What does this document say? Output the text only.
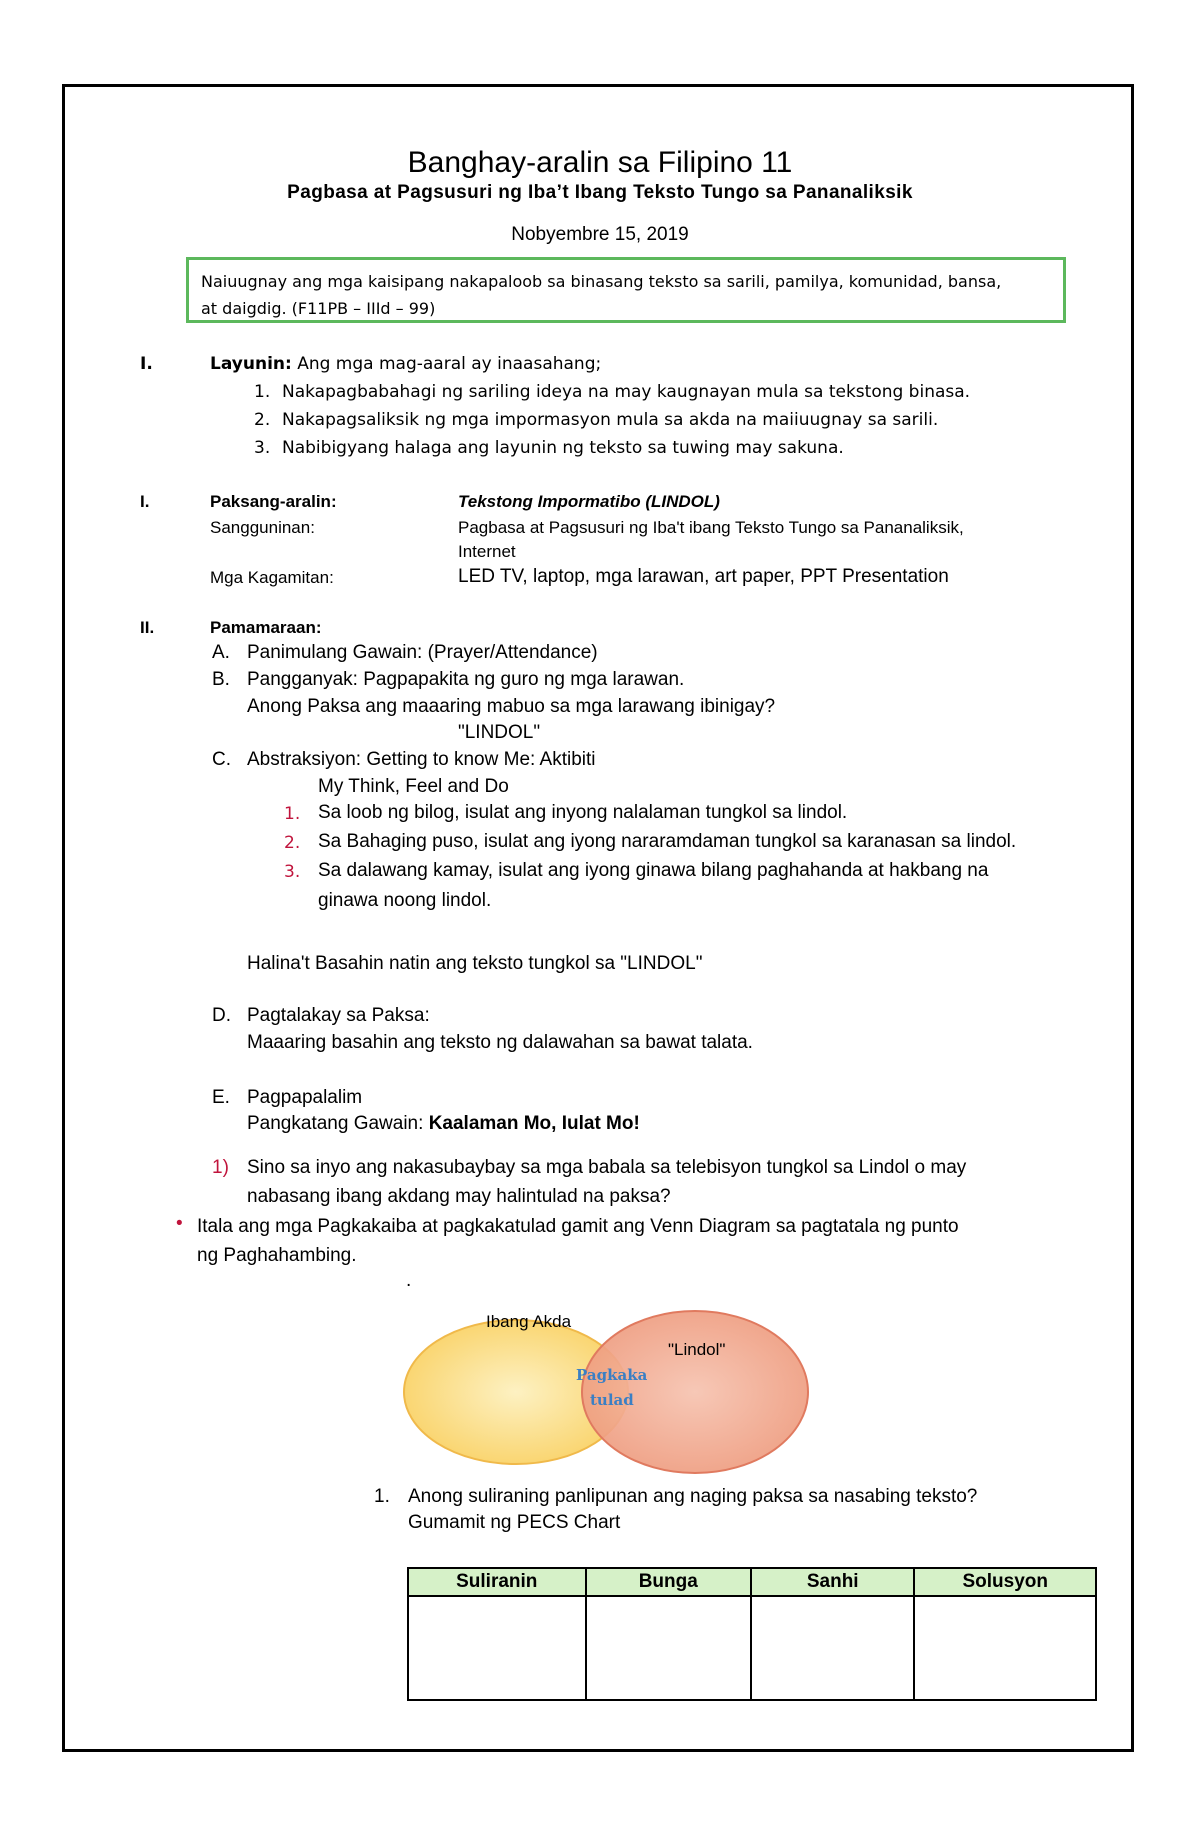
Banghay-aralin sa Filipino 11
Pagbasa at Pagsusuri ng Iba’t Ibang Teksto Tungo sa Pananaliksik
Nobyembre 15, 2019
Naiuugnay ang mga kaisipang nakapaloob sa binasang teksto sa sarili, pamilya, komunidad, bansa,
at daigdig. (F11PB – IIId – 99)
I.	Layunin: Ang mga mag-aaral ay inaasahang;
1. Nakapagbabahagi ng sariling ideya na may kaugnayan mula sa tekstong binasa.
2. Nakapagsaliksik ng mga impormasyon mula sa akda na maiiuugnay sa sarili.
3. Nabibigyang halaga ang layunin ng teksto sa tuwing may sakuna.
I.	Paksang-aralin:	Tekstong Impormatibo (LINDOL)
Sangguninan:	Pagbasa at Pagsusuri ng Iba't ibang Teksto Tungo sa Pananaliksik,
Internet
Mga Kagamitan:	LED TV, laptop, mga larawan, art paper, PPT Presentation
II.	Pamamaraan:
A. Panimulang Gawain: (Prayer/Attendance)
B. Pangganyak: Pagpapakita ng guro ng mga larawan.
Anong Paksa ang maaaring mabuo sa mga larawang ibinigay?
"LINDOL"
C. Abstraksiyon: Getting to know Me: Aktibiti
My Think, Feel and Do
1. Sa loob ng bilog, isulat ang inyong nalalaman tungkol sa lindol.
2. Sa Bahaging puso, isulat ang iyong nararamdaman tungkol sa karanasan sa lindol.
3. Sa dalawang kamay, isulat ang iyong ginawa bilang paghahanda at hakbang na
ginawa noong lindol.
Halina't Basahin natin ang teksto tungkol sa "LINDOL"
D. Pagtalakay sa Paksa:
Maaaring basahin ang teksto ng dalawahan sa bawat talata.
E. Pagpapalalim
Pangkatang Gawain: Kaalaman Mo, Iulat Mo!
1) Sino sa inyo ang nakasubaybay sa mga babala sa telebisyon tungkol sa Lindol o may
nabasang ibang akdang may halintulad na paksa?
• Itala ang mga Pagkakaiba at pagkakatulad gamit ang Venn Diagram sa pagtatala ng punto
ng Paghahambing.
.
Ibang Akda
"Lindol"
Pagkaka
tulad
1. Anong suliraning panlipunan ang naging paksa sa nasabing teksto?
Gumamit ng PECS Chart
Suliranin	Bunga	Sanhi	Solusyon
